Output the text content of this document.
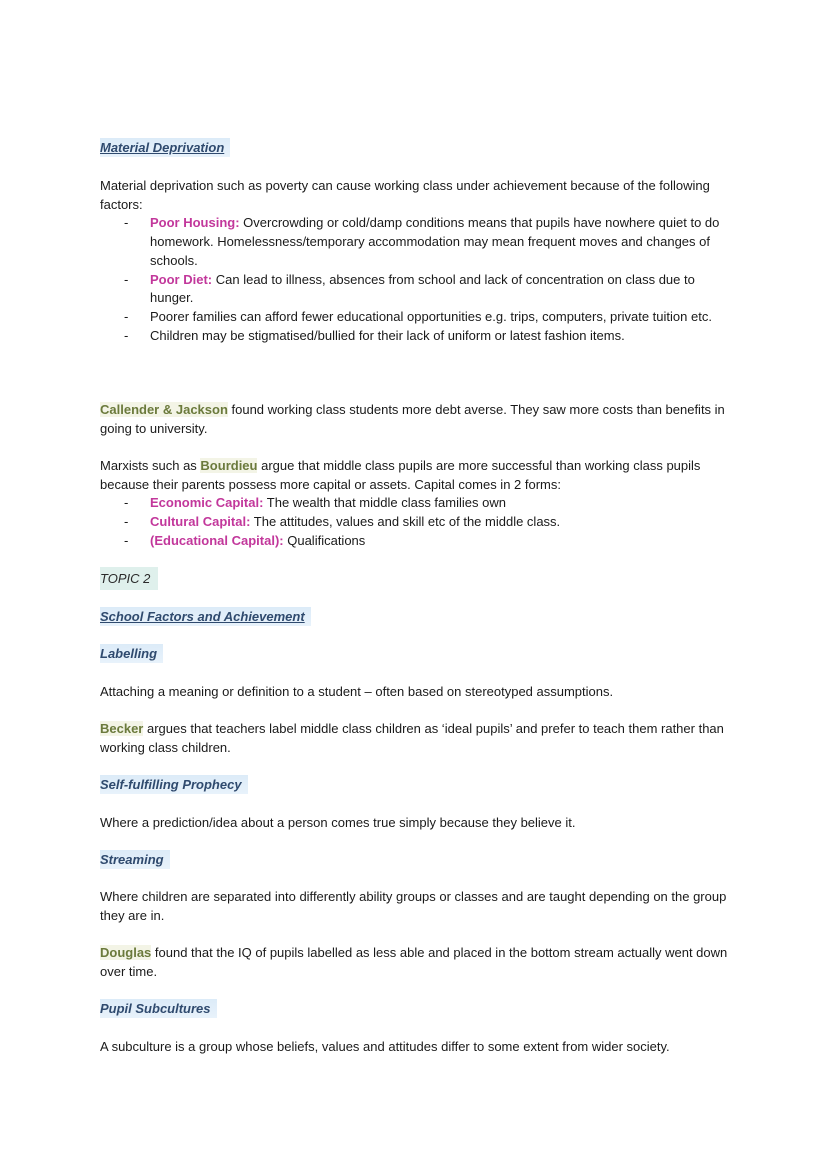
Material Deprivation

Material deprivation such as poverty can cause working class under achievement because of the following factors:

- Poor Housing: Overcrowding or cold/damp conditions means that pupils have nowhere quiet to do homework. Homelessness/temporary accommodation may mean frequent moves and changes of schools.
- Poor Diet: Can lead to illness, absences from school and lack of concentration on class due to hunger.
- Poorer families can afford fewer educational opportunities e.g. trips, computers, private tuition etc.
- Children may be stigmatised/bullied for their lack of uniform or latest fashion items.
Callender & Jackson found working class students more debt averse. They saw more costs than benefits in going to university.

Marxists such as Bourdieu argue that middle class pupils are more successful than working class pupils because their parents possess more capital or assets. Capital comes in 2 forms:

- Economic Capital: The wealth that middle class families own
- Cultural Capital: The attitudes, values and skill etc of the middle class.
- (Educational Capital): Qualifications
TOPIC 2
School Factors and Achievement
Labelling
Attaching a meaning or definition to a student – often based on stereotyped assumptions.
Becker argues that teachers label middle class children as ‘ideal pupils’ and prefer to teach them rather than working class children.
Self-fulfilling Prophecy
Where a prediction/idea about a person comes true simply because they believe it.
Streaming
Where children are separated into differently ability groups or classes and are taught depending on the group they are in.
Douglas found that the IQ of pupils labelled as less able and placed in the bottom stream actually went down over time.
Pupil Subcultures
A subculture is a group whose beliefs, values and attitudes differ to some extent from wider society.
